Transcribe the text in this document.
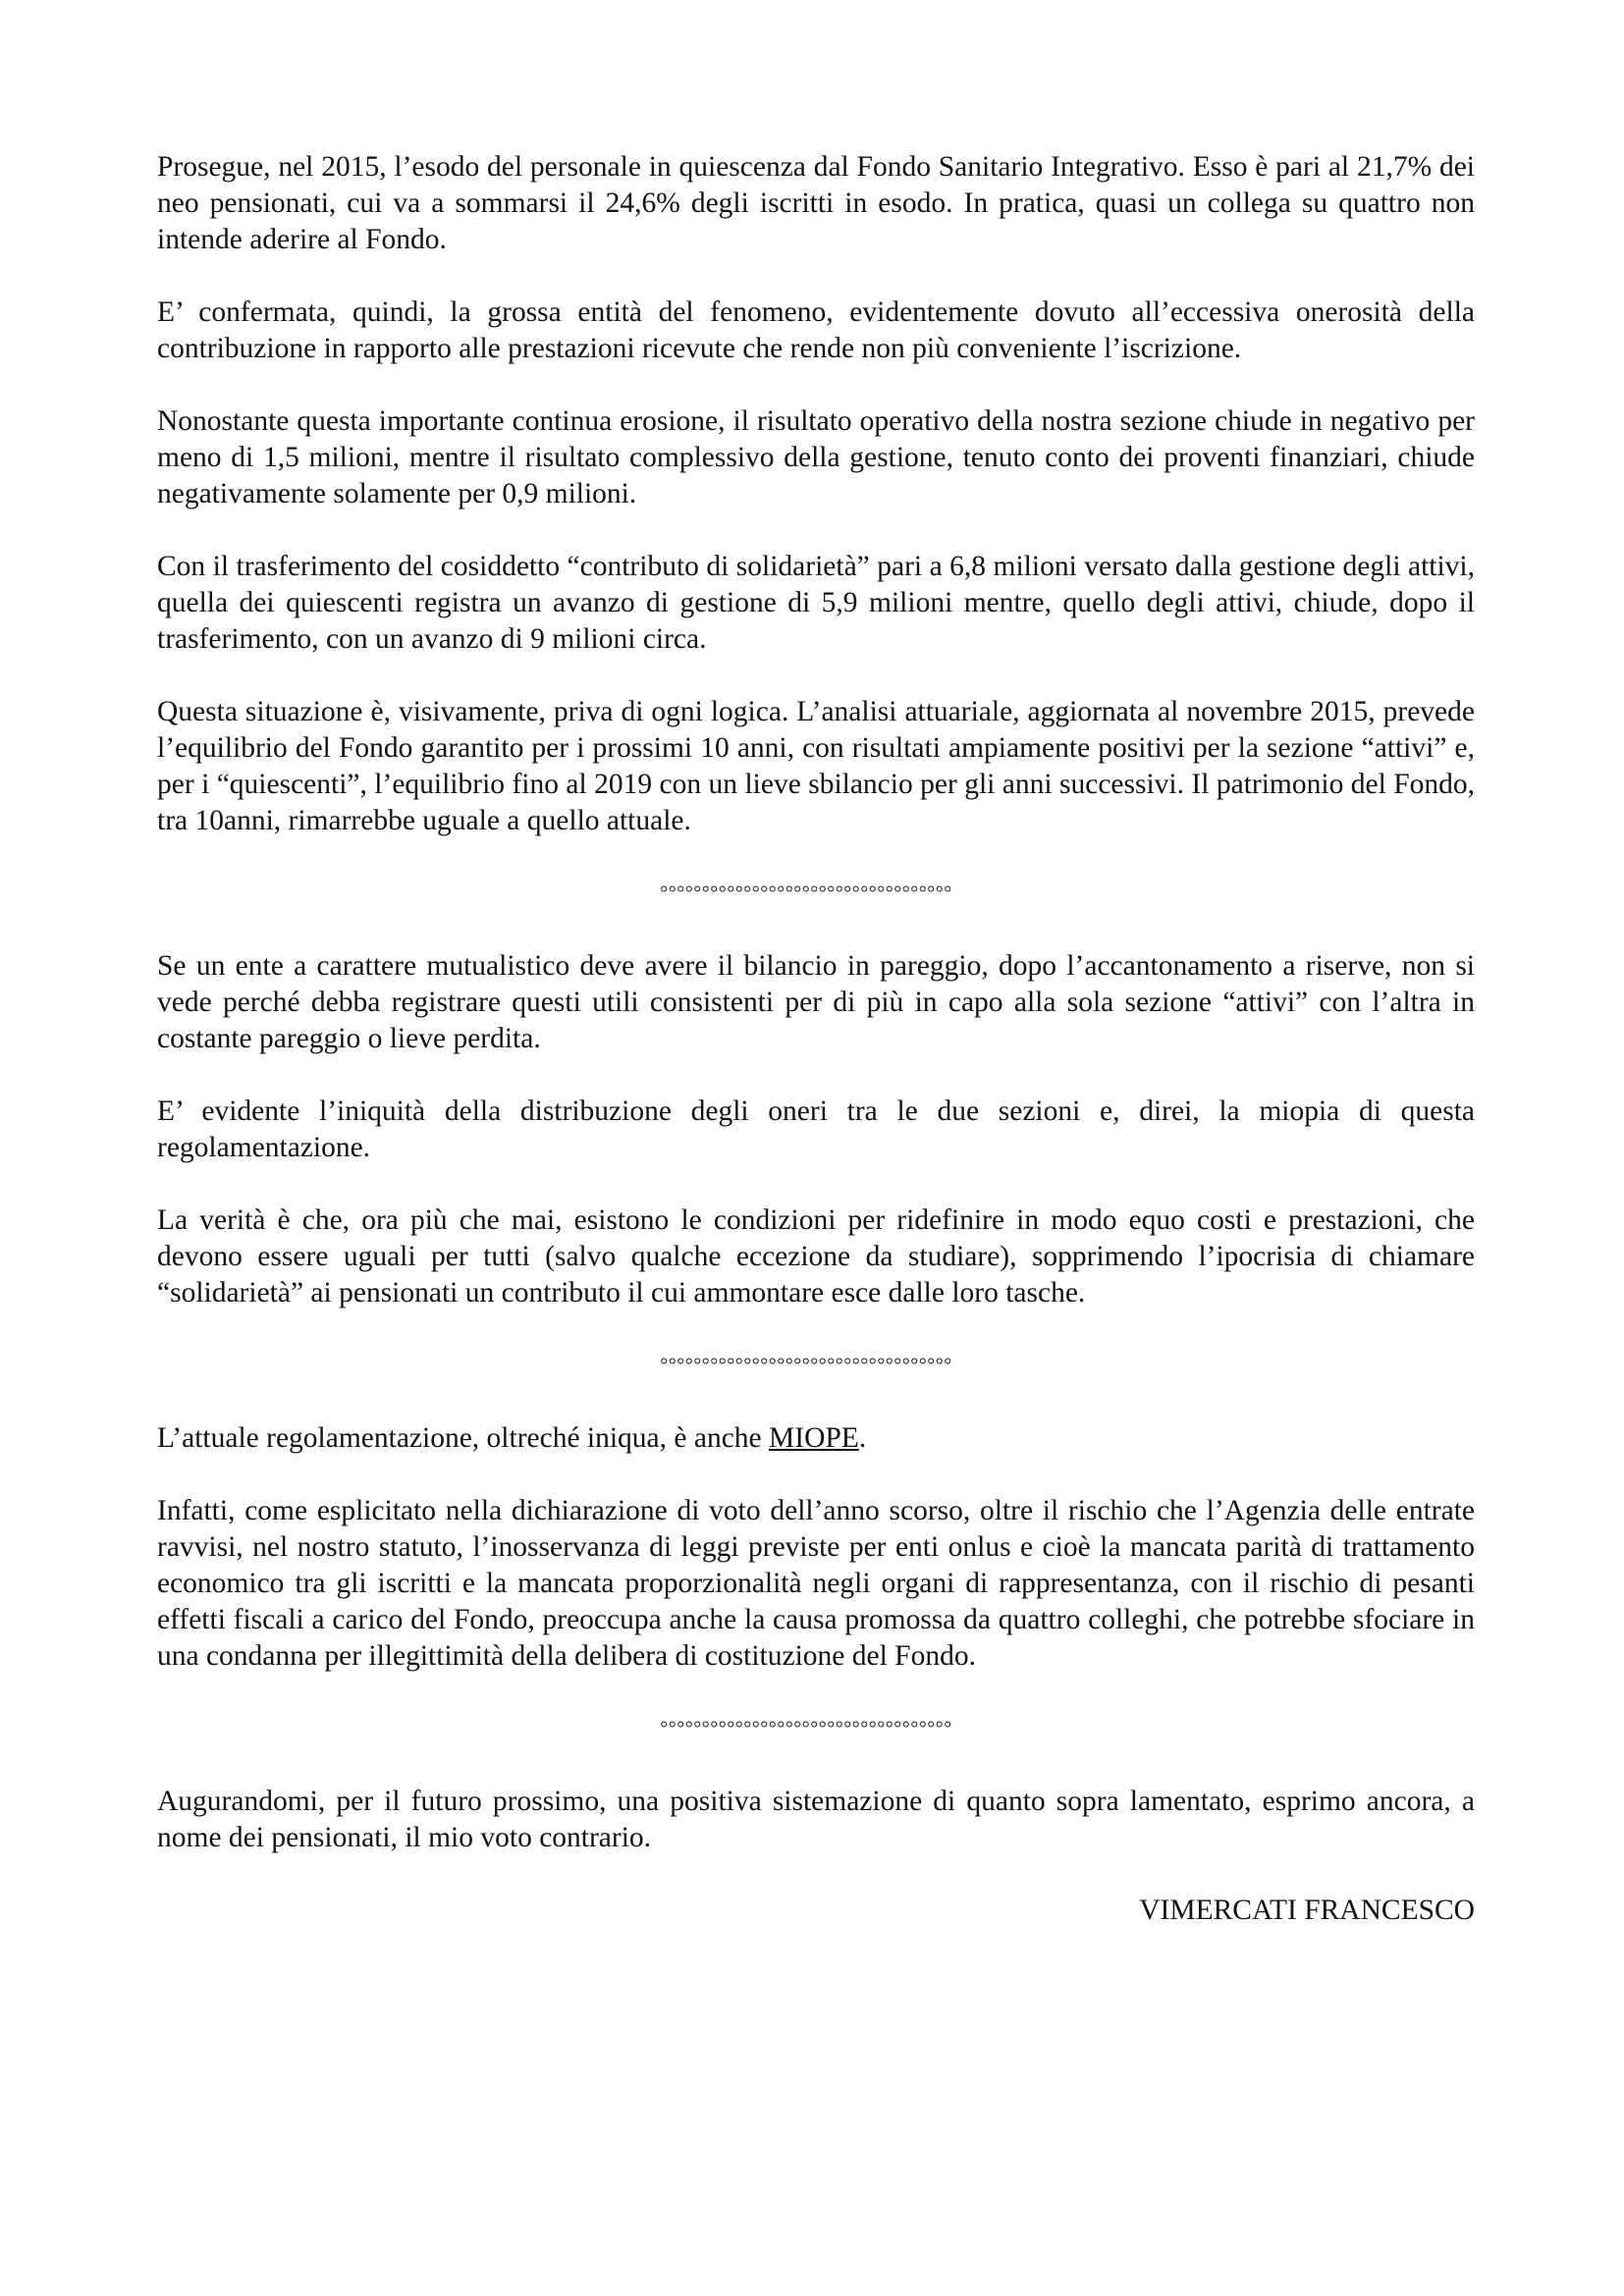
Prosegue, nel 2015, l’esodo del personale in quiescenza dal Fondo Sanitario Integrativo. Esso è pari al 21,7% dei neo pensionati, cui va a sommarsi il 24,6% degli iscritti in esodo. In pratica, quasi un collega su quattro non intende aderire al Fondo.

E’ confermata, quindi, la grossa entità del fenomeno, evidentemente dovuto all’eccessiva onerosità della contribuzione in rapporto alle prestazioni ricevute che rende non più conveniente l’iscrizione.

Nonostante questa importante continua erosione, il risultato operativo della nostra sezione chiude in negativo per meno di 1,5 milioni, mentre il risultato complessivo della gestione, tenuto conto dei proventi finanziari, chiude negativamente solamente per 0,9 milioni.

Con il trasferimento del cosiddetto “contributo di solidarietà” pari a 6,8 milioni versato dalla gestione degli attivi, quella dei quiescenti registra un avanzo di gestione di 5,9 milioni mentre, quello degli attivi, chiude, dopo il trasferimento, con un avanzo di 9 milioni circa.

Questa situazione è, visivamente, priva di ogni logica. L’analisi attuariale, aggiornata al novembre 2015, prevede l’equilibrio del Fondo garantito per i prossimi 10 anni, con risultati ampiamente positivi per la sezione “attivi” e, per i “quiescenti”, l’equilibrio fino al 2019 con un lieve sbilancio per gli anni successivi. Il patrimonio del Fondo, tra 10anni, rimarrebbe uguale a quello attuale.

°°°°°°°°°°°°°°°°°°°°°°°°°°°°°°°°°°°

Se un ente a carattere mutualistico deve avere il bilancio in pareggio, dopo l’accantonamento a riserve, non si vede perché debba registrare questi utili consistenti per di più in capo alla sola sezione “attivi” con l’altra in costante pareggio o lieve perdita.

E’ evidente l’iniquità della distribuzione degli oneri tra le due sezioni e, direi, la miopia di questa regolamentazione.

La verità è che, ora più che mai, esistono le condizioni per ridefinire in modo equo costi e prestazioni, che devono essere uguali per tutti (salvo qualche eccezione da studiare), sopprimendo l’ipocrisia di chiamare “solidarietà” ai pensionati un contributo il cui ammontare esce dalle loro tasche.

°°°°°°°°°°°°°°°°°°°°°°°°°°°°°°°°°°°

L’attuale regolamentazione, oltreché iniqua, è anche MIOPE.

Infatti, come esplicitato nella dichiarazione di voto dell’anno scorso, oltre il rischio che l’Agenzia delle entrate ravvisi, nel nostro statuto, l’inosservanza di leggi previste per enti onlus e cioè la mancata parità di trattamento economico tra gli iscritti e la mancata proporzionalità negli organi di rappresentanza, con il rischio di pesanti effetti fiscali a carico del Fondo, preoccupa anche la causa promossa da quattro colleghi, che potrebbe sfociare in una condanna per illegittimità della delibera di costituzione del Fondo.

°°°°°°°°°°°°°°°°°°°°°°°°°°°°°°°°°°°

Augurandomi, per il futuro prossimo, una positiva sistemazione di quanto sopra lamentato, esprimo ancora, a nome dei pensionati, il mio voto contrario.

VIMERCATI FRANCESCO
